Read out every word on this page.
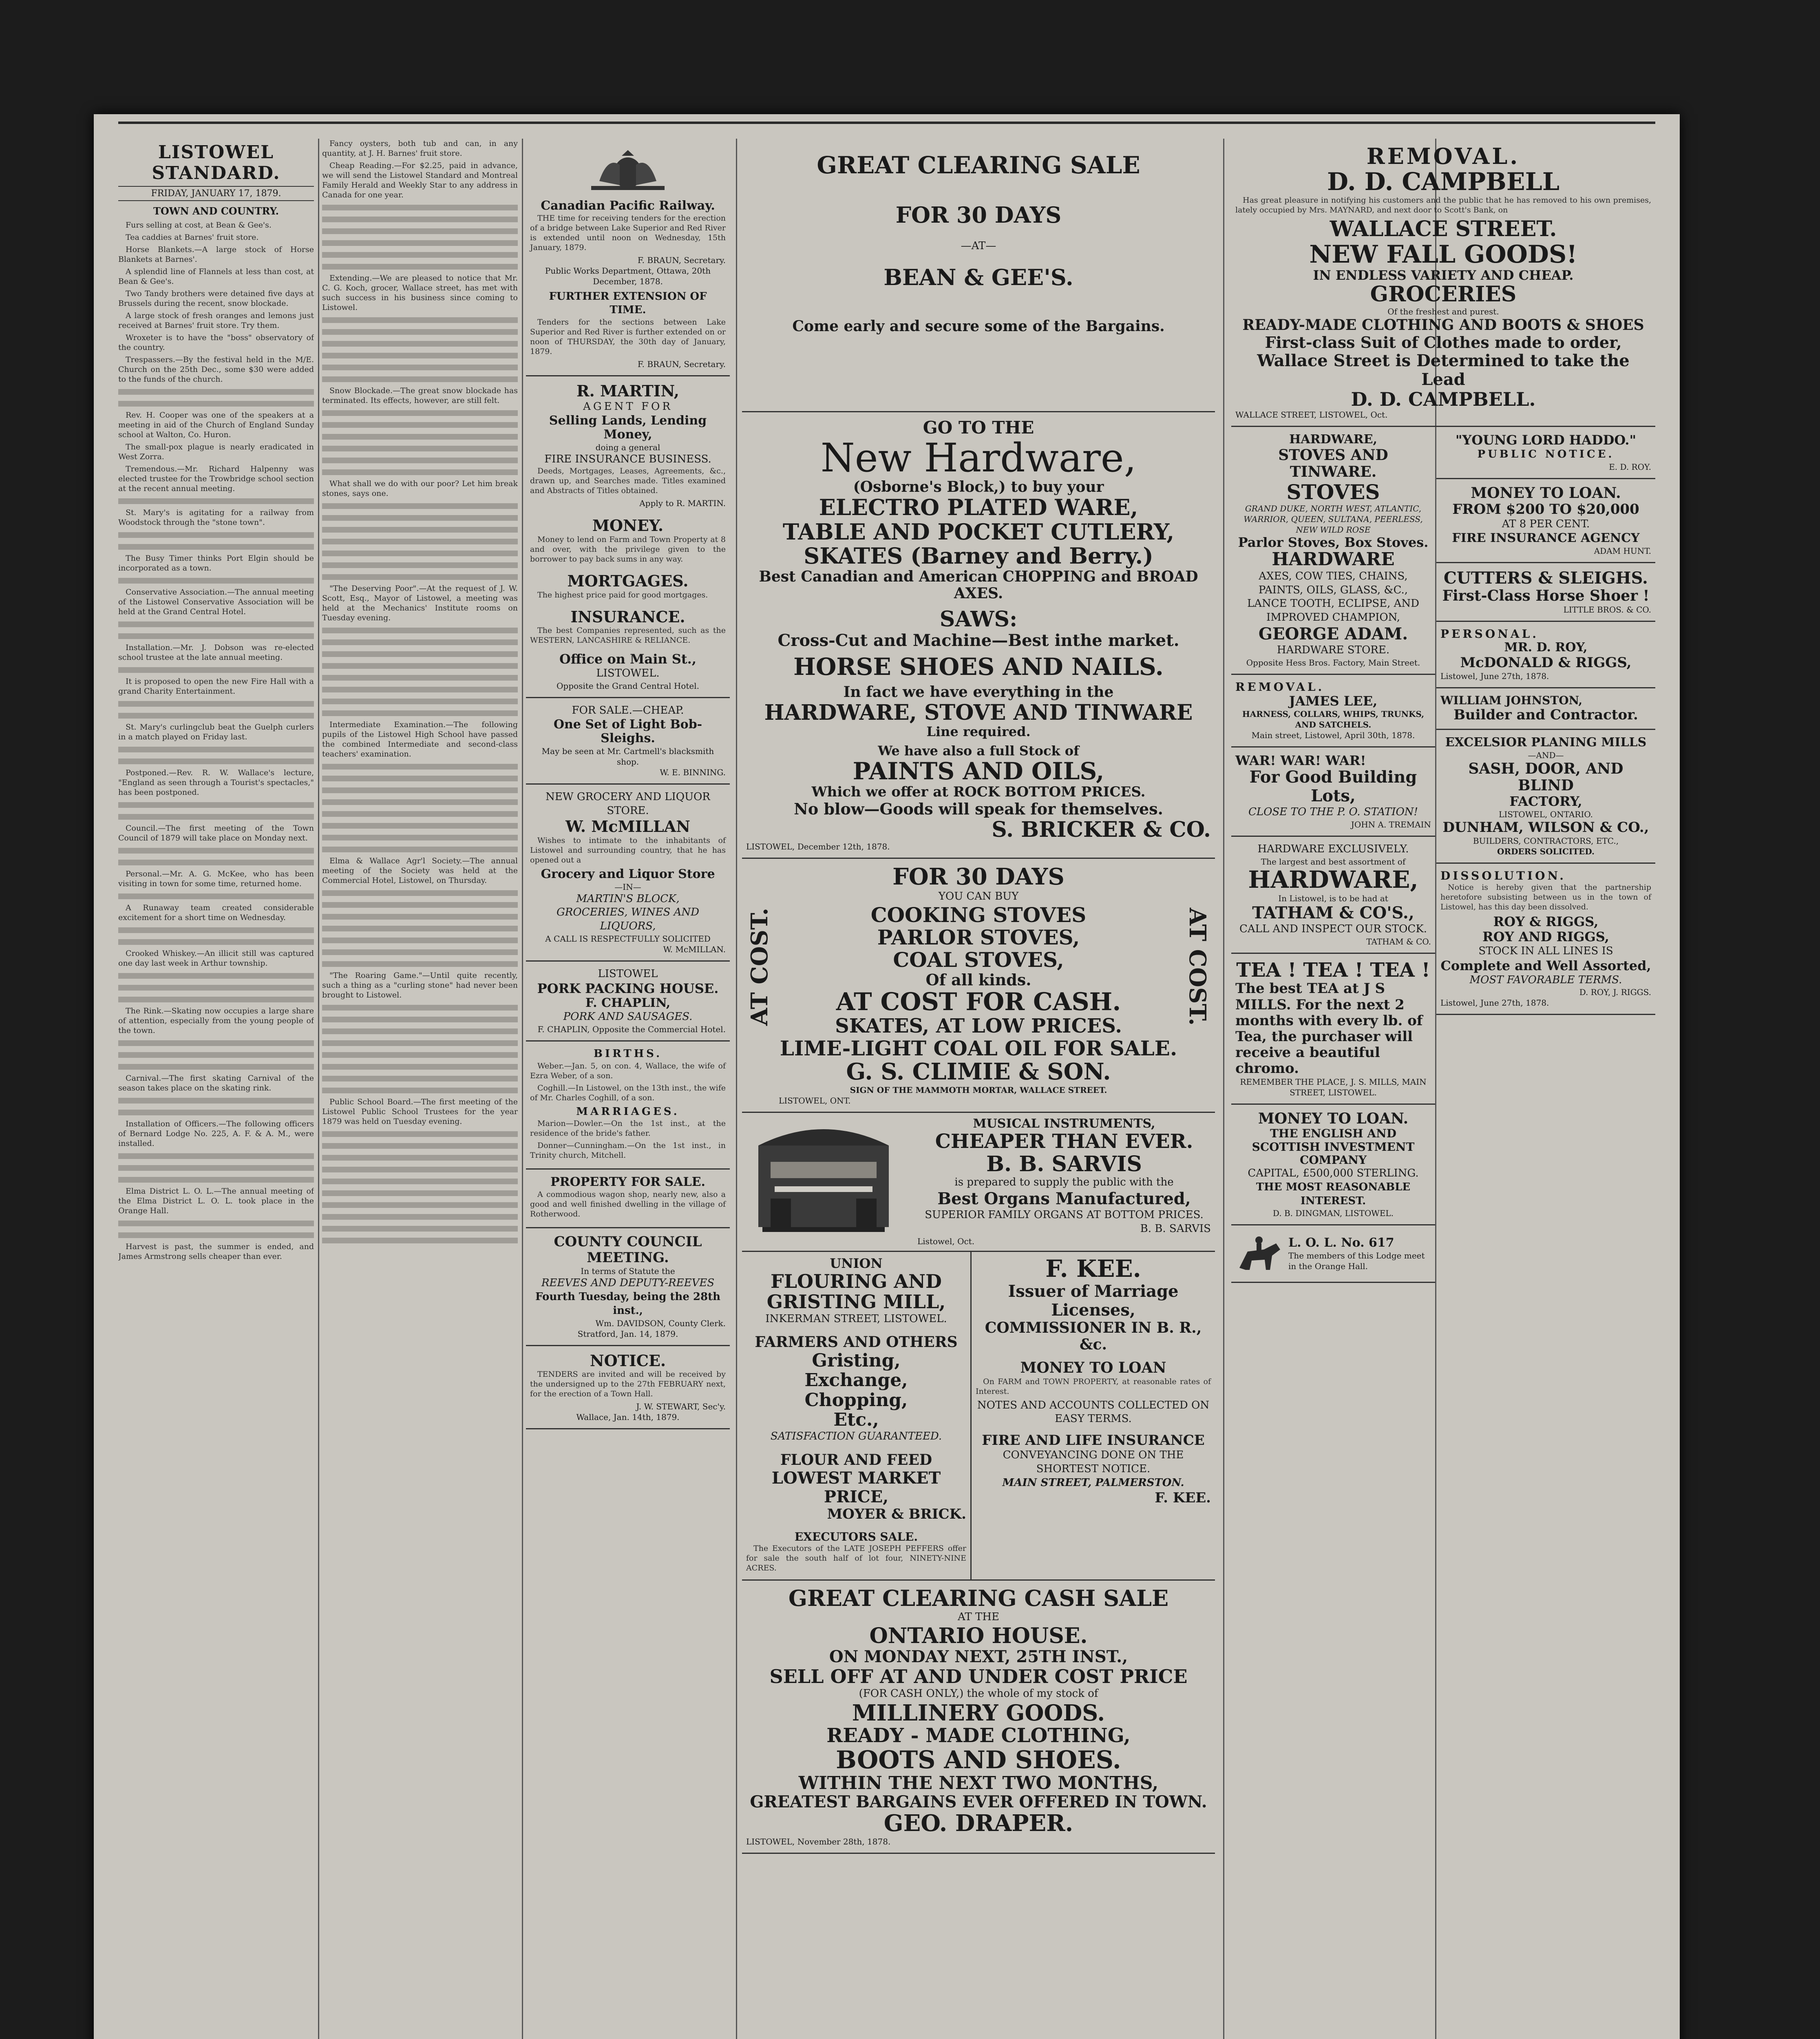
LISTOWEL STANDARD.
FRIDAY, JANUARY 17, 1879.
TOWN AND COUNTRY.

Furs selling at cost, at Bean & Gee's.

Tea caddies at Barnes' fruit store.

Horse Blankets.—A large stock of Horse Blankets at Barnes'.

A splendid line of Flannels at less than cost, at Bean & Gee's.

Two Tandy brothers were detained five days at Brussels during the recent, snow blockade.

A large stock of fresh oranges and lemons just received at Barnes' fruit store. Try them.

Wroxeter is to have the "boss" observatory of the country.

Trespassers.—By the festival held in the M/E. Church on the 25th Dec., some $30 were added to the funds of the church.

Rev. H. Cooper was one of the speakers at a meeting in aid of the Church of England Sunday school at Walton, Co. Huron.

The small-pox plague is nearly eradicated in West Zorra.

Tremendous.—Mr. Richard Halpenny was elected trustee for the Trowbridge school section at the recent annual meeting.

St. Mary's is agitating for a railway from Woodstock through the "stone town".

The Busy Timer thinks Port Elgin should be incorporated as a town.

Conservative Association.—The annual meeting of the Listowel Conservative Association will be held at the Grand Central Hotel.

Installation.—Mr. J. Dobson was re-elected school trustee at the late annual meeting.

It is proposed to open the new Fire Hall with a grand Charity Entertainment.

St. Mary's curlingclub beat the Guelph curlers in a match played on Friday last.

Postponed.—Rev. R. W. Wallace's lecture, "England as seen through a Tourist's spectacles," has been postponed.

Council.—The first meeting of the Town Council of 1879 will take place on Monday next.

Personal.—Mr. A. G. McKee, who has been visiting in town for some time, returned home.

A Runaway team created considerable excitement for a short time on Wednesday.

Crooked Whiskey.—An illicit still was captured one day last week in Arthur township.

The Rink.—Skating now occupies a large share of attention, especially from the young people of the town.

Carnival.—The first skating Carnival of the season takes place on the skating rink.

Installation of Officers.—The following officers of Bernard Lodge No. 225, A. F. & A. M., were installed.

Elma District L. O. L.—The annual meeting of the Elma District L. O. L. took place in the Orange Hall.

Harvest is past, the summer is ended, and James Armstrong sells cheaper than ever.

Fancy oysters, both tub and can, in any quantity, at J. H. Barnes' fruit store.

Cheap Reading.—For $2.25, paid in advance, we will send the Listowel Standard and Montreal Family Herald and Weekly Star to any address in Canada for one year.

Extending.—We are pleased to notice that Mr. C. G. Koch, grocer, Wallace street, has met with such success in his business since coming to Listowel.

Snow Blockade.—The great snow blockade has terminated. Its effects, however, are still felt.

What shall we do with our poor? Let him break stones, says one.

"The Deserving Poor".—At the request of J. W. Scott, Esq., Mayor of Listowel, a meeting was held at the Mechanics' Institute rooms on Tuesday evening.

Intermediate Examination.—The following pupils of the Listowel High School have passed the combined Intermediate and second-class teachers' examination.

Elma & Wallace Agr'l Society.—The annual meeting of the Society was held at the Commercial Hotel, Listowel, on Thursday.

"The Roaring Game."—Until quite recently, such a thing as a "curling stone" had never been brought to Listowel.

Public School Board.—The first meeting of the Listowel Public School Trustees for the year 1879 was held on Tuesday evening.

Canadian Pacific Railway.

THE time for receiving tenders for the erection of a bridge between Lake Superior and Red River is extended until noon on Wednesday, 15th January, 1879.

F. BRAUN, Secretary.
Public Works Department, Ottawa, 20th December, 1878.
FURTHER EXTENSION OF TIME.

Tenders for the sections between Lake Superior and Red River is further extended on or noon of THURSDAY, the 30th day of January, 1879.

F. BRAUN, Secretary.
R. MARTIN,
AGENT FOR
Selling Lands, Lending Money,
doing a general
FIRE INSURANCE BUSINESS.

Deeds, Mortgages, Leases, Agreements, &c., drawn up, and Searches made. Titles examined and Abstracts of Titles obtained.

Apply to R. MARTIN.
MONEY.

Money to lend on Farm and Town Property at 8 and over, with the privilege given to the borrower to pay back sums in any way.

MORTGAGES.

The highest price paid for good mortgages.

INSURANCE.

The best Companies represented, such as the WESTERN, LANCASHIRE & RELIANCE.

Office on Main St.,
LISTOWEL.
Opposite the Grand Central Hotel.
FOR SALE.—CHEAP.
One Set of Light Bob-Sleighs.
May be seen at Mr. Cartmell's blacksmith shop.
W. E. BINNING.
NEW GROCERY AND LIQUOR STORE.
W. McMILLAN

Wishes to intimate to the inhabitants of Listowel and surrounding country, that he has opened out a

Grocery and Liquor Store
—IN—
MARTIN'S BLOCK,
GROCERIES, WINES AND LIQUORS,
A CALL IS RESPECTFULLY SOLICITED
W. McMILLAN.
LISTOWEL
PORK PACKING HOUSE.
F. CHAPLIN,
PORK AND SAUSAGES.
F. CHAPLIN, Opposite the Commercial Hotel.
BIRTHS.

Weber.—Jan. 5, on con. 4, Wallace, the wife of Ezra Weber, of a son.

Coghill.—In Listowel, on the 13th inst., the wife of Mr. Charles Coghill, of a son.

MARRIAGES.

Marion—Dowler.—On the 1st inst., at the residence of the bride's father.

Donner—Cunningham.—On the 1st inst., in Trinity church, Mitchell.

PROPERTY FOR SALE.

A commodious wagon shop, nearly new, also a good and well finished dwelling in the village of Rotherwood.

COUNTY COUNCIL MEETING.
In terms of Statute the
REEVES AND DEPUTY-REEVES
Fourth Tuesday, being the 28th inst.,
Wm. DAVIDSON, County Clerk.
Stratford, Jan. 14, 1879.
NOTICE.

TENDERS are invited and will be received by the undersigned up to the 27th FEBRUARY next, for the erection of a Town Hall.

J. W. STEWART, Sec'y.
Wallace, Jan. 14th, 1879.
GREAT CLEARING SALE
FOR 30 DAYS
—AT—
BEAN & GEE'S.
Come early and secure some of the Bargains.
GO TO THE
New Hardware,
(Osborne's Block,) to buy your
ELECTRO PLATED WARE,
TABLE AND POCKET CUTLERY,
SKATES (Barney and Berry.)
Best Canadian and American CHOPPING and BROAD AXES.
SAWS:
Cross-Cut and Machine—Best inthe market.
HORSE SHOES AND NAILS.
In fact we have everything in the
HARDWARE, STOVE AND TINWARE
Line required.
We have also a full Stock of
PAINTS AND OILS,
Which we offer at ROCK BOTTOM PRICES.
No blow—Goods will speak for themselves.
S. BRICKER & CO.
LISTOWEL, December 12th, 1878.
AT COST.	AT COST.
FOR 30 DAYS
YOU CAN BUY
COOKING STOVES
PARLOR STOVES,
COAL STOVES,
Of all kinds.
AT COST FOR CASH.
SKATES, AT LOW PRICES.
LIME-LIGHT COAL OIL FOR SALE.
G. S. CLIMIE & SON.
SIGN OF THE MAMMOTH MORTAR, WALLACE STREET.
LISTOWEL, ONT.
MUSICAL INSTRUMENTS,
CHEAPER THAN EVER.
B. B. SARVIS
is prepared to supply the public with the
Best Organs Manufactured,
SUPERIOR FAMILY ORGANS AT BOTTOM PRICES.
B. B. SARVIS
Listowel, Oct.
UNION
FLOURING AND GRISTING MILL,
INKERMAN STREET, LISTOWEL.
FARMERS AND OTHERS
Gristing,
Exchange,
Chopping,
Etc.,
SATISFACTION GUARANTEED.
FLOUR AND FEED
LOWEST MARKET PRICE,
MOYER & BRICK.
EXECUTORS SALE.

The Executors of the LATE JOSEPH PEFFERS offer for sale the south half of lot four, NINETY-NINE ACRES.

F. KEE.
Issuer of Marriage Licenses,
COMMISSIONER IN B. R., &c.
MONEY TO LOAN

On FARM and TOWN PROPERTY, at reasonable rates of Interest.

NOTES AND ACCOUNTS COLLECTED ON EASY TERMS.
FIRE AND LIFE INSURANCE
CONVEYANCING DONE ON THE SHORTEST NOTICE.
MAIN STREET, PALMERSTON.
F. KEE.
GREAT CLEARING CASH SALE
AT THE
ONTARIO HOUSE.
ON MONDAY NEXT, 25TH INST.,
SELL OFF AT AND UNDER COST PRICE
(FOR CASH ONLY,) the whole of my stock of
MILLINERY GOODS.
READY - MADE CLOTHING,
BOOTS AND SHOES.
WITHIN THE NEXT TWO MONTHS,
GREATEST BARGAINS EVER OFFERED IN TOWN.
GEO. DRAPER.
LISTOWEL, November 28th, 1878.
REMOVAL.
D. D. CAMPBELL

Has great pleasure in notifying his customers and the public that he has removed to his own premises, lately occupied by Mrs. MAYNARD, and next door to Scott's Bank, on

WALLACE STREET.
NEW FALL GOODS!
IN ENDLESS VARIETY AND CHEAP.
GROCERIES
Of the freshest and purest.
READY-MADE CLOTHING AND BOOTS & SHOES
First-class Suit of Clothes made to order,
Wallace Street is Determined to take the Lead
D. D. CAMPBELL.
WALLACE STREET, LISTOWEL, Oct.
HARDWARE,
STOVES AND TINWARE.
STOVES
GRAND DUKE, NORTH WEST, ATLANTIC, WARRIOR, QUEEN, SULTANA, PEERLESS, NEW WILD ROSE
Parlor Stoves, Box Stoves.
HARDWARE
AXES, COW TIES, CHAINS, PAINTS, OILS, GLASS, &C.,
LANCE TOOTH, ECLIPSE, AND IMPROVED CHAMPION,
GEORGE ADAM.
HARDWARE STORE.
Opposite Hess Bros. Factory, Main Street.
REMOVAL.
JAMES LEE,
HARNESS, COLLARS, WHIPS, TRUNKS, AND SATCHELS.
Main street, Listowel, April 30th, 1878.
WAR! WAR! WAR!
For Good Building Lots,
CLOSE TO THE P. O. STATION!
JOHN A. TREMAIN
HARDWARE EXCLUSIVELY.
The largest and best assortment of
HARDWARE,
In Listowel, is to be had at
TATHAM & CO'S.,
CALL AND INSPECT OUR STOCK.
TATHAM & CO.
TEA ! TEA ! TEA !
The best TEA at J S MILLS. For the next 2 months with every lb. of Tea, the purchaser will receive a beautiful chromo.
REMEMBER THE PLACE, J. S. MILLS, MAIN STREET, LISTOWEL.
MONEY TO LOAN.
THE ENGLISH AND SCOTTISH INVESTMENT COMPANY
CAPITAL, £500,000 STERLING.
THE MOST REASONABLE INTEREST.
D. B. DINGMAN, LISTOWEL.
L. O. L. No. 617
The members of this Lodge meet in the Orange Hall.
"YOUNG LORD HADDO."
PUBLIC NOTICE.
E. D. ROY.
MONEY TO LOAN.
FROM $200 TO $20,000
AT 8 PER CENT.
FIRE INSURANCE AGENCY
ADAM HUNT.
CUTTERS & SLEIGHS.
First-Class Horse Shoer !
LITTLE BROS. & CO.
PERSONAL.
MR. D. ROY,
McDONALD & RIGGS,
Listowel, June 27th, 1878.
WILLIAM JOHNSTON,
Builder and Contractor.
EXCELSIOR PLANING MILLS
—AND—
SASH, DOOR, AND BLIND
FACTORY,
LISTOWEL, ONTARIO.
DUNHAM, WILSON & CO.,
BUILDERS, CONTRACTORS, ETC.,
ORDERS SOLICITED.
DISSOLUTION.

Notice is hereby given that the partnership heretofore subsisting between us in the town of Listowel, has this day been dissolved.

ROY & RIGGS,
ROY AND RIGGS,
STOCK IN ALL LINES IS
Complete and Well Assorted,
MOST FAVORABLE TERMS.
D. ROY, J. RIGGS.
Listowel, June 27th, 1878.
